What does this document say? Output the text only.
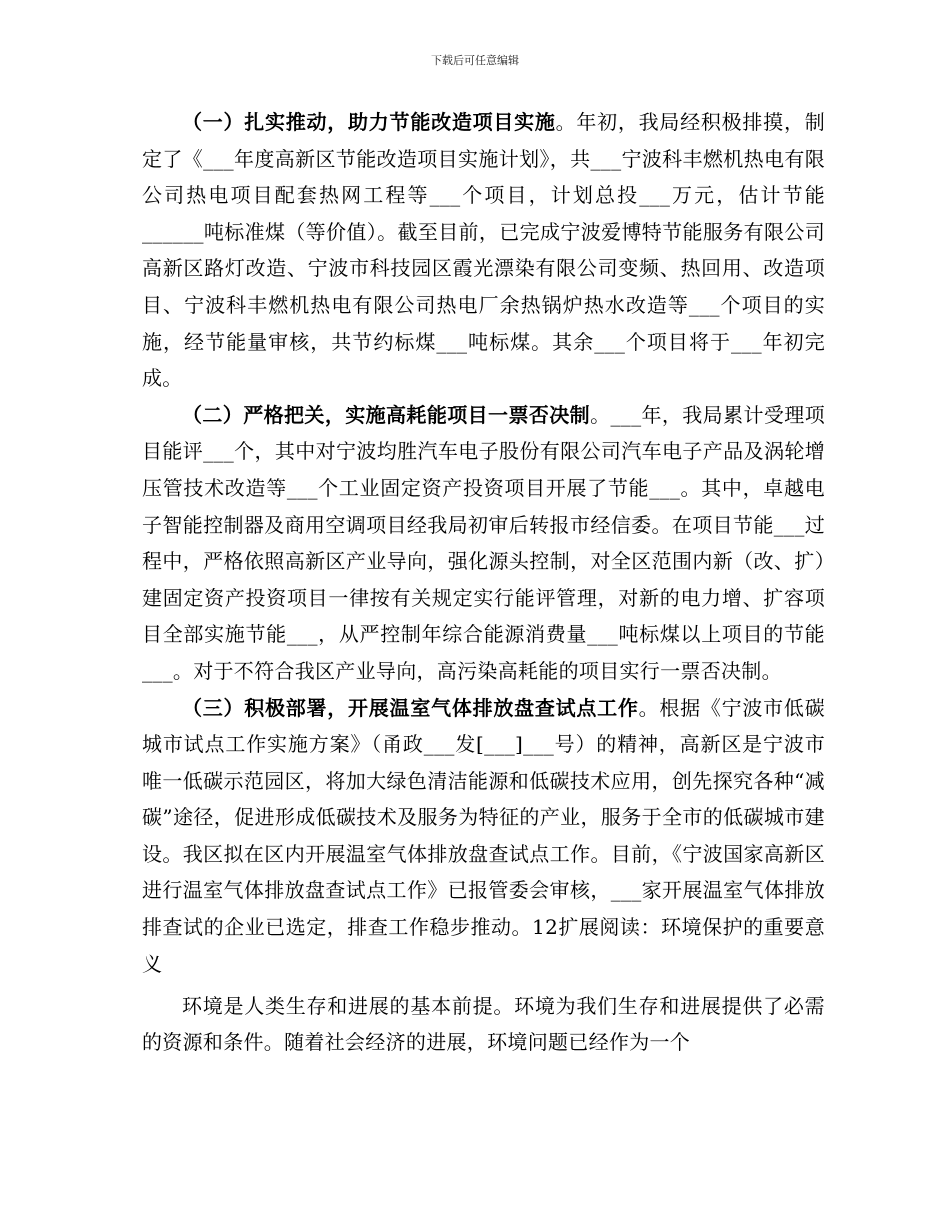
下载后可任意编辑

（一）扎实推动，助力节能改造项目实施。年初，我局经积极排摸，制定了《___年度高新区节能改造项目实施计划》，共___宁波科丰燃机热电有限公司热电项目配套热网工程等___个项目，计划总投___万元，估计节能______吨标准煤（等价值）。截至目前，已完成宁波爱博特节能服务有限公司高新区路灯改造、宁波市科技园区霞光漂染有限公司变频、热回用、改造项目、宁波科丰燃机热电有限公司热电厂余热锅炉热水改造等___个项目的实施，经节能量审核，共节约标煤___吨标煤。其余___个项目将于___年初完成。

（二）严格把关，实施高耗能项目一票否决制。___年，我局累计受理项目能评___个，其中对宁波均胜汽车电子股份有限公司汽车电子产品及涡轮增压管技术改造等___个工业固定资产投资项目开展了节能___。其中，卓越电子智能控制器及商用空调项目经我局初审后转报市经信委。在项目节能___过程中，严格依照高新区产业导向，强化源头控制，对全区范围内新（改、扩）建固定资产投资项目一律按有关规定实行能评管理，对新的电力增、扩容项目全部实施节能___，从严控制年综合能源消费量___吨标煤以上项目的节能___。对于不符合我区产业导向，高污染高耗能的项目实行一票否决制。

（三）积极部署，开展温室气体排放盘查试点工作。根据《宁波市低碳城市试点工作实施方案》（甬政___发[___]___号）的精神，高新区是宁波市唯一低碳示范园区，将加大绿色清洁能源和低碳技术应用，创先探究各种“减碳”途径，促进形成低碳技术及服务为特征的产业，服务于全市的低碳城市建设。我区拟在区内开展温室气体排放盘查试点工作。目前，《宁波国家高新区进行温室气体排放盘查试点工作》已报管委会审核，___家开展温室气体排放排查试的企业已选定，排查工作稳步推动。12扩展阅读：环境保护的重要意义

环境是人类生存和进展的基本前提。环境为我们生存和进展提供了必需的资源和条件。随着社会经济的进展，环境问题已经作为一个
